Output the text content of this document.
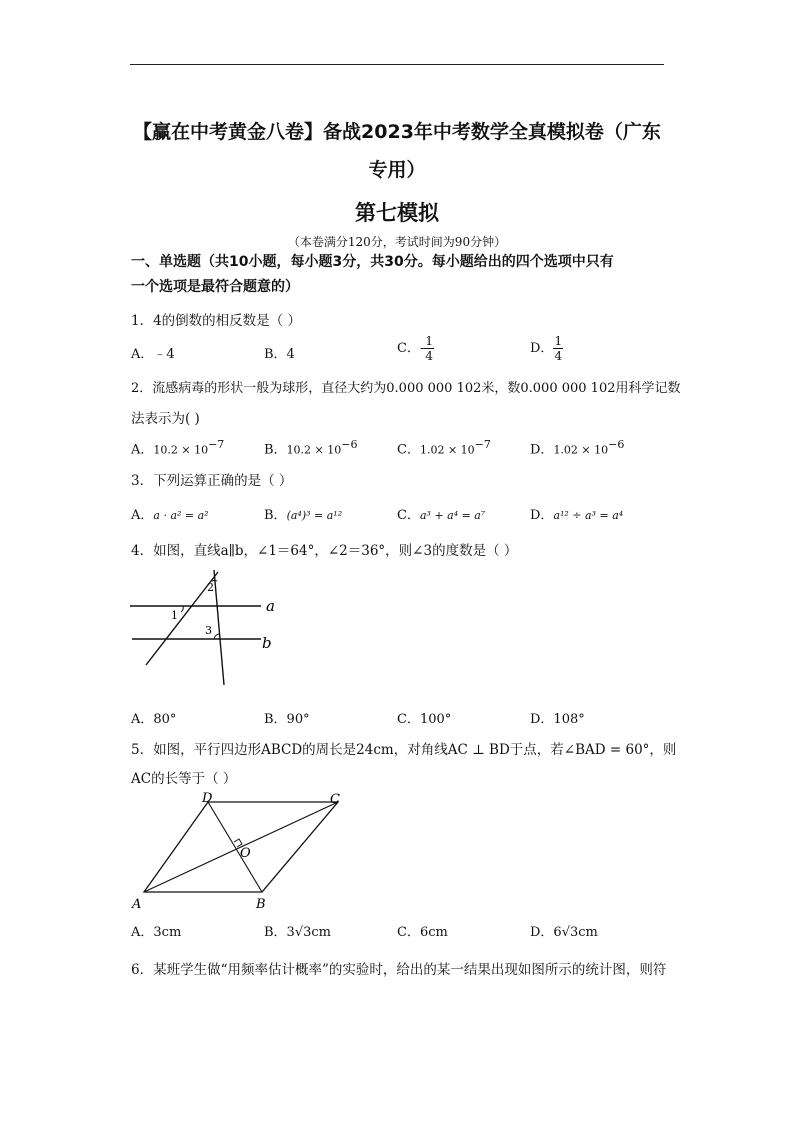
【赢在中考黄金八卷】备战2023年中考数学全真模拟卷（广东
专用）
第七模拟
（本卷满分120分，考试时间为90分钟）
一、单选题（共10小题，每小题3分，共30分。每小题给出的四个选项中只有
一个选项是最符合题意的）
1．4的倒数的相反数是（ ）
A．﹣4	B．4	C．- $\frac{1}{4}$	D． $\frac{1}{4}$
2．流感病毒的形状一般为球形，直径大约为0.000 000 102米，数0.000 000 102用科学记数
法表示为( )
A．$10.2 \times 10^{-7}$	B．$10.2 \times 10^{-6}$	C．$1.02 \times 10^{-7}$	D．$1.02 \times 10^{-6}$
3．下列运算正确的是（ ）
A．a · a² = a²	B．(a⁴)³ = a¹²	C．a³ + a⁴ = a⁷	D．a¹² ÷ a³ = a⁴
4．如图，直线a∥b，∠1＝64°，∠2＝36°，则∠3的度数是（ ）
1
2
3
a
b
A．80°	B．90°	C．100°	D．108°
5．如图，平行四边形ABCD的周长是24cm，对角线AC ⊥ BD于点，若∠BAD = 60°，则
AC的长等于（ ）
A	B
C
D
O
A．3cm	B．3√3cm	C．6cm	D．6√3cm
6．某班学生做“用频率估计概率”的实验时，给出的某一结果出现如图所示的统计图，则符
